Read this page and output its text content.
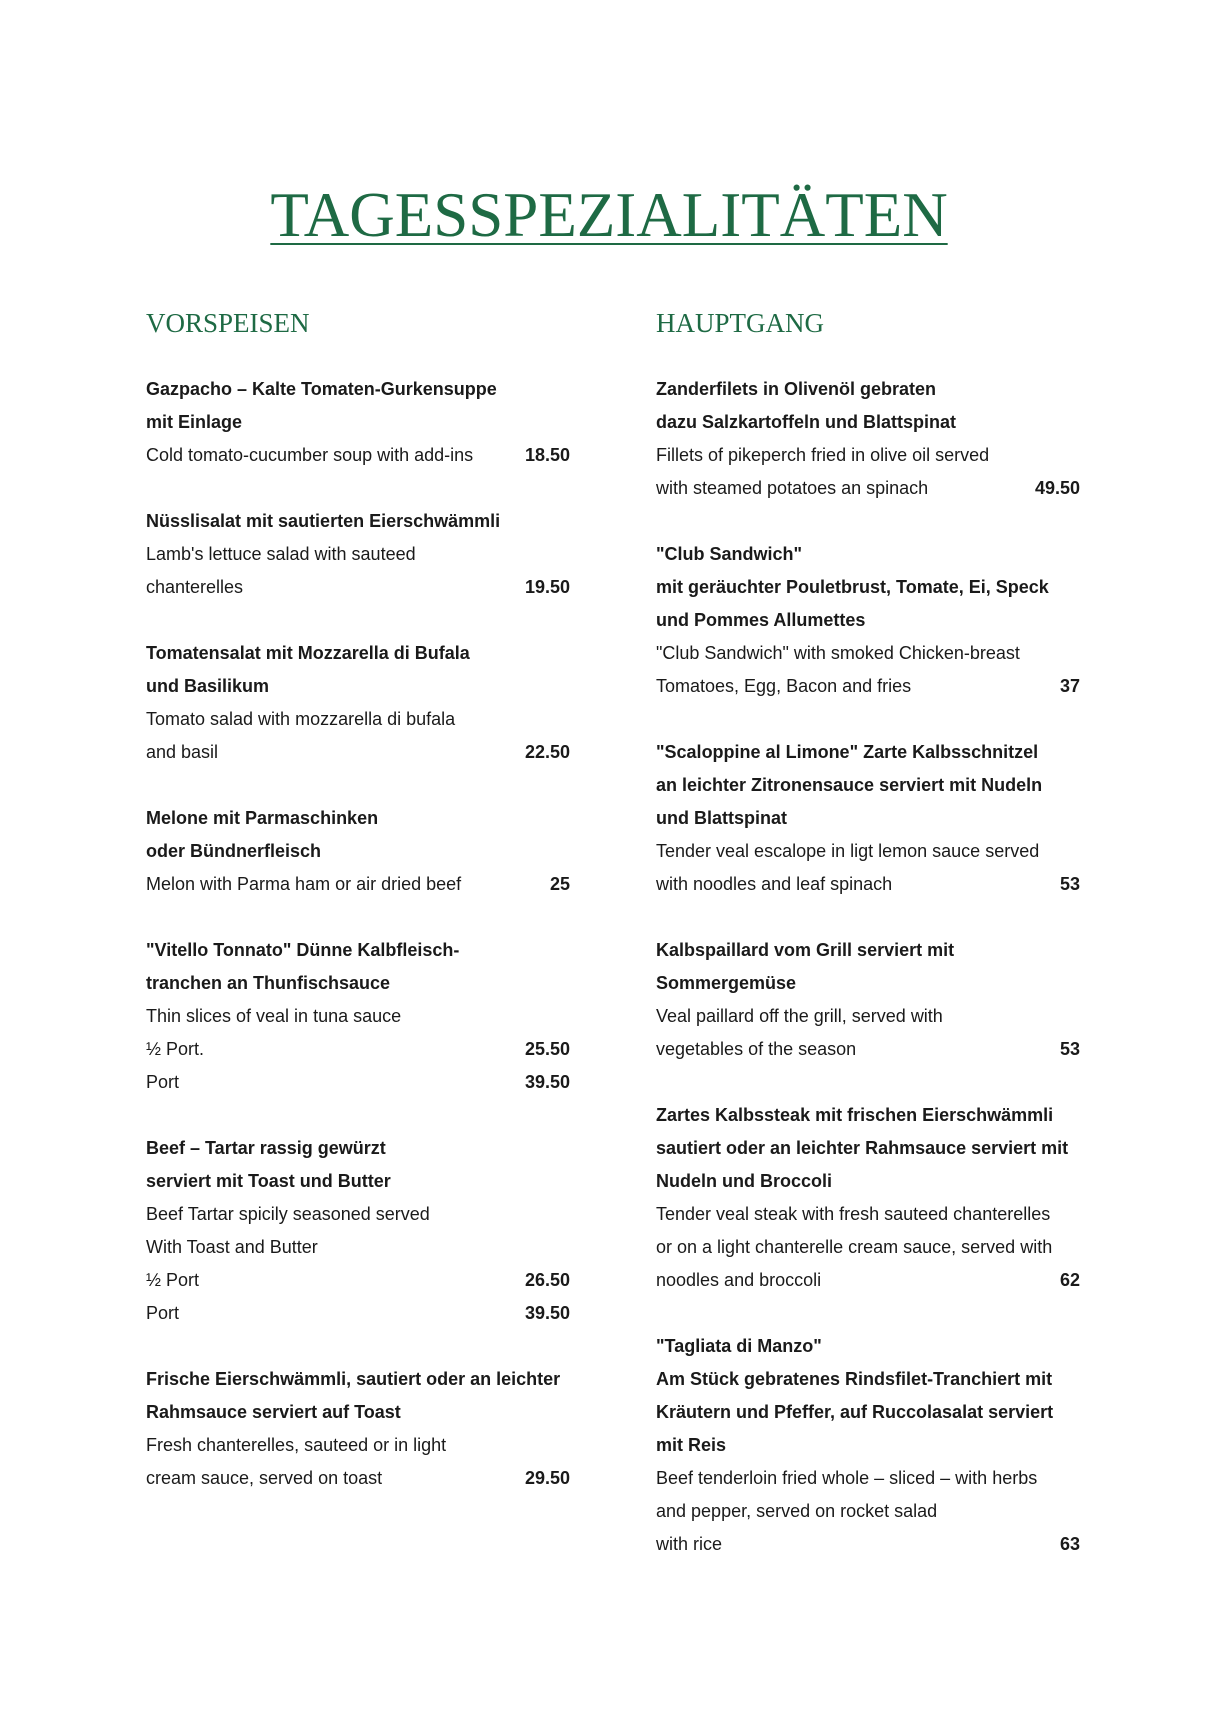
TAGESSPEZIALITÄTEN
VORSPEISEN
Gazpacho – Kalte Tomaten-Gurkensuppe
mit Einlage
Cold tomato-cucumber soup with add-ins	18.50
Nüsslisalat mit sautierten Eierschwämmli
Lamb's lettuce salad with sauteed
chanterelles	19.50
Tomatensalat mit Mozzarella di Bufala
und Basilikum
Tomato salad with mozzarella di bufala
and basil	22.50
Melone mit Parmaschinken
oder Bündnerfleisch
Melon with Parma ham or air dried beef	25
"Vitello Tonnato" Dünne Kalbfleisch-
tranchen an Thunfischsauce
Thin slices of veal in tuna sauce
½ Port.	25.50
Port	39.50
Beef – Tartar rassig gewürzt
serviert mit Toast und Butter
Beef Tartar spicily seasoned served
With Toast and Butter
½ Port	26.50
Port	39.50
Frische Eierschwämmli, sautiert oder an leichter
Rahmsauce serviert auf Toast
Fresh chanterelles, sauteed or in light
cream sauce, served on toast	29.50
HAUPTGANG
Zanderfilets in Olivenöl gebraten
dazu Salzkartoffeln und Blattspinat
Fillets of pikeperch fried in olive oil served
with steamed potatoes an spinach	49.50
"Club Sandwich"
mit geräuchter Pouletbrust, Tomate, Ei, Speck
und Pommes Allumettes
"Club Sandwich" with smoked Chicken-breast
Tomatoes, Egg, Bacon and fries	37
"Scaloppine al Limone" Zarte Kalbsschnitzel
an leichter Zitronensauce serviert mit Nudeln
und Blattspinat
Tender veal escalope in ligt lemon sauce served
with noodles and leaf spinach	53
Kalbspaillard vom Grill serviert mit
Sommergemüse
Veal paillard off the grill, served with
vegetables of the season	53
Zartes Kalbssteak mit frischen Eierschwämmli
sautiert oder an leichter Rahmsauce serviert mit
Nudeln und Broccoli
Tender veal steak with fresh sauteed chanterelles
or on a light chanterelle cream sauce, served with
noodles and broccoli	62
"Tagliata di Manzo"
Am Stück gebratenes Rindsfilet-Tranchiert mit
Kräutern und Pfeffer, auf Ruccolasalat serviert
mit Reis
Beef tenderloin fried whole – sliced – with herbs
and pepper, served on rocket salad
with rice	63
